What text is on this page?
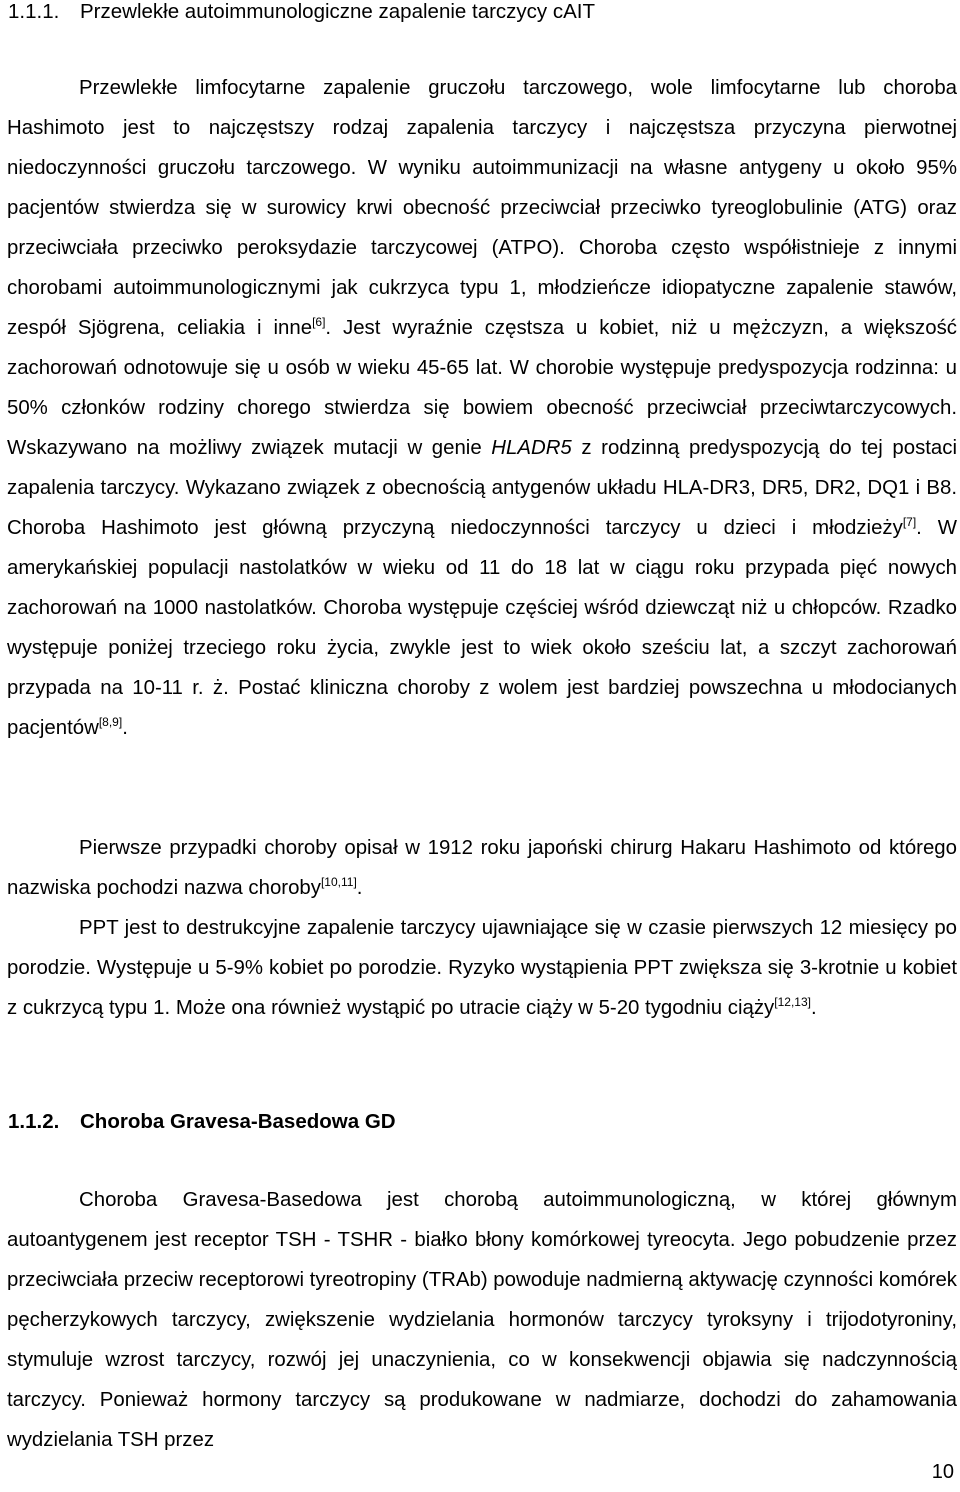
1.1.1. Przewlekłe autoimmunologiczne zapalenie tarczycy cAIT

Przewlekłe limfocytarne zapalenie gruczołu tarczowego, wole limfocytarne lub choroba Hashimoto jest to najczęstszy rodzaj zapalenia tarczycy i najczęstsza przyczyna pierwotnej niedoczynności gruczołu tarczowego. W wyniku autoimmunizacji na własne antygeny u około 95% pacjentów stwierdza się w surowicy krwi obecność przeciwciał przeciwko tyreoglobulinie (ATG) oraz przeciwciała przeciwko peroksydazie tarczycowej (ATPO). Choroba często współistnieje z innymi chorobami autoimmunologicznymi jak cukrzyca typu 1, młodzieńcze idiopatyczne zapalenie stawów, zespół Sjögrena, celiakia i inne[6]. Jest wyraźnie częstsza u kobiet, niż u mężczyzn, a większość zachorowań odnotowuje się u osób w wieku 45-65 lat. W chorobie występuje predyspozycja rodzinna: u 50% członków rodziny chorego stwierdza się bowiem obecność przeciwciał przeciwtarczycowych. Wskazywano na możliwy związek mutacji w genie HLADR5 z rodzinną predyspozycją do tej postaci zapalenia tarczycy. Wykazano związek z obecnością antygenów układu HLA-DR3, DR5, DR2, DQ1 i B8. Choroba Hashimoto jest główną przyczyną niedoczynności tarczycy u dzieci i młodzieży[7]. W amerykańskiej populacji nastolatków w wieku od 11 do 18 lat w ciągu roku przypada pięć nowych zachorowań na 1000 nastolatków. Choroba występuje częściej wśród dziewcząt niż u chłopców. Rzadko występuje poniżej trzeciego roku życia, zwykle jest to wiek około sześciu lat, a szczyt zachorowań przypada na 10-11 r. ż. Postać kliniczna choroby z wolem jest bardziej powszechna u młodocianych pacjentów[8,9].

Pierwsze przypadki choroby opisał w 1912 roku japoński chirurg Hakaru Hashimoto od którego nazwiska pochodzi nazwa choroby[10,11].

PPT jest to destrukcyjne zapalenie tarczycy ujawniające się w czasie pierwszych 12 miesięcy po porodzie. Występuje u 5-9% kobiet po porodzie. Ryzyko wystąpienia PPT zwiększa się 3-krotnie u kobiet z cukrzycą typu 1. Może ona również wystąpić po utracie ciąży w 5-20 tygodniu ciąży[12,13].

1.1.2. Choroba Gravesa-Basedowa GD

Choroba Gravesa-Basedowa jest chorobą autoimmunologiczną, w której głównym autoantygenem jest receptor TSH - TSHR - białko błony komórkowej tyreocyta. Jego pobudzenie przez przeciwciała przeciw receptorowi tyreotropiny (TRAb) powoduje nadmierną aktywację czynności komórek pęcherzykowych tarczycy, zwiększenie wydzielania hormonów tarczycy tyroksyny i trijodotyroniny, stymuluje wzrost tarczycy, rozwój jej unaczynienia, co w konsekwencji objawia się nadczynnością tarczycy. Ponieważ hormony tarczycy są produkowane w nadmiarze, dochodzi do zahamowania wydzielania TSH przez

10
